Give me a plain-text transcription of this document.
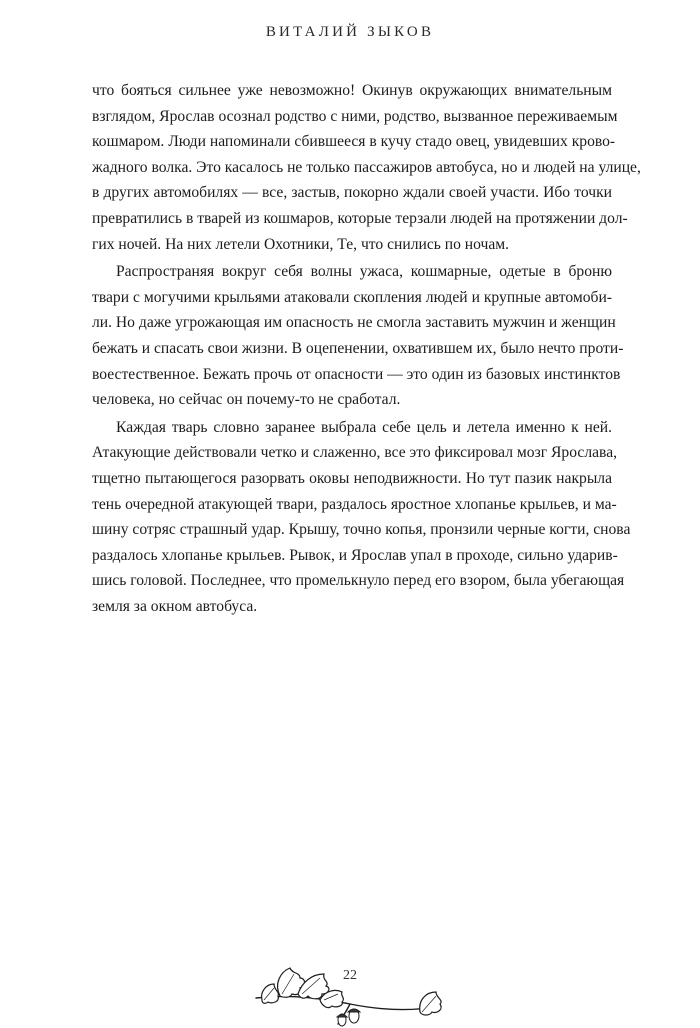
ВИТАЛИЙ ЗЫКОВ
что бояться сильнее уже невозможно! Окинув окружающих внимательным
взглядом, Ярослав осознал родство с ними, родство, вызванное переживаемым
кошмаром. Люди напоминали сбившееся в кучу стадо овец, увидевших крово-
жадного волка. Это касалось не только пассажиров автобуса, но и людей на улице,
в других автомобилях — все, застыв, покорно ждали своей участи. Ибо точки
превратились в тварей из кошмаров, которые терзали людей на протяжении дол-
гих ночей. На них летели Охотники, Те, что снились по ночам.
Распространяя вокруг себя волны ужаса, кошмарные, одетые в броню
твари с могучими крыльями атаковали скопления людей и крупные автомоби-
ли. Но даже угрожающая им опасность не смогла заставить мужчин и женщин
бежать и спасать свои жизни. В оцепенении, охватившем их, было нечто проти-
воестественное. Бежать прочь от опасности — это один из базовых инстинктов
человека, но сейчас он почему-то не сработал.
Каждая тварь словно заранее выбрала себе цель и летела именно к ней.
Атакующие действовали четко и слаженно, все это фиксировал мозг Ярослава,
тщетно пытающегося разорвать оковы неподвижности. Но тут пазик накрыла
тень очередной атакующей твари, раздалось яростное хлопанье крыльев, и ма-
шину сотряс страшный удар. Крышу, точно копья, пронзили черные когти, снова
раздалось хлопанье крыльев. Рывок, и Ярослав упал в проходе, сильно ударив-
шись головой. Последнее, что промелькнуло перед его взором, была убегающая
земля за окном автобуса.
22
